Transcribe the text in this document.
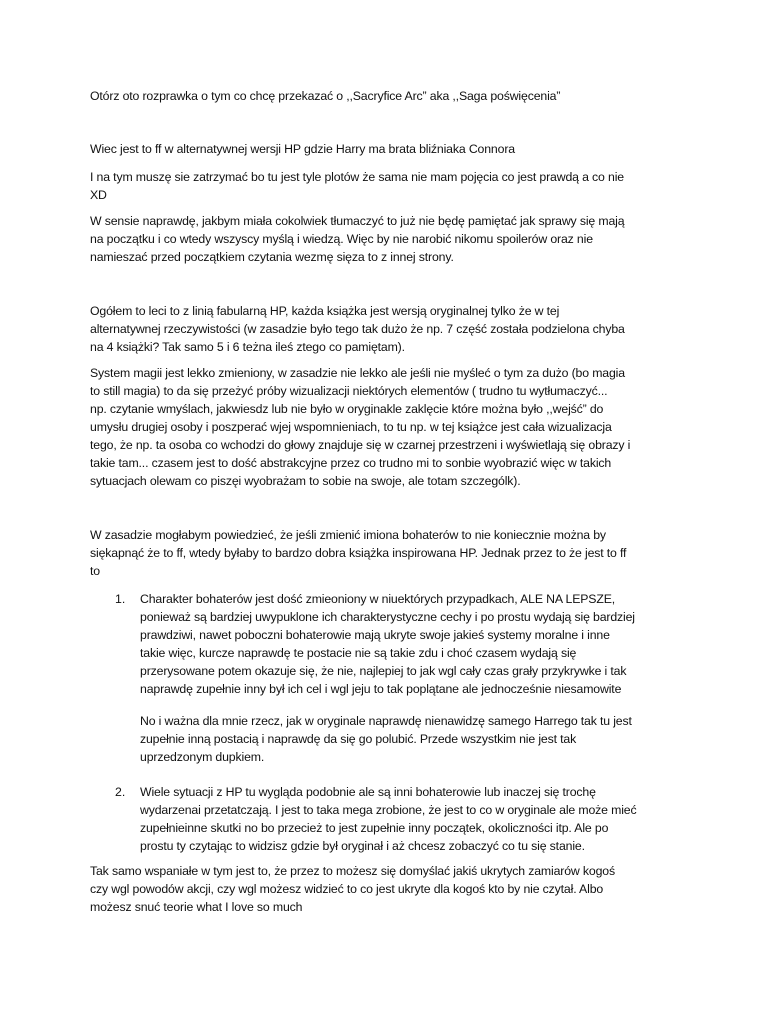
Otórz oto rozprawka o tym co chcę przekazać o ,,Sacryfice Arc” aka ,,Saga poświęcenia”
Wiec jest to ff w alternatywnej wersji HP gdzie Harry ma brata bliźniaka Connora
I na tym muszę sie zatrzymać bo tu jest tyle plotów że sama nie mam pojęcia co jest prawdą a co nie
XD
W sensie naprawdę, jakbym miała cokolwiek tłumaczyć to już nie będę pamiętać jak sprawy się mają
na początku i co wtedy wszyscy myślą i wiedzą. Więc by nie narobić nikomu spoilerów oraz nie
namieszać przed początkiem czytania wezmę sięza to z innej strony.
Ogółem to leci to z linią fabularną HP, każda książka jest wersją oryginalnej tylko że w tej
alternatywnej rzeczywistości (w zasadzie było tego tak dużo że np. 7 część została podzielona chyba
na 4 książki? Tak samo 5 i 6 teżna ileś ztego co pamiętam).
System magii jest lekko zmieniony, w zasadzie nie lekko ale jeśli nie myśleć o tym za dużo (bo magia
to still magia) to da się przeżyć próby wizualizacji niektórych elementów ( trudno tu wytłumaczyć...
np. czytanie wmyślach, jakwiesdz lub nie było w oryginakle zaklęcie które można było ,,wejść” do
umysłu drugiej osoby i poszperać wjej wspomnieniach, to tu np. w tej książce jest cała wizualizacja
tego, że np. ta osoba co wchodzi do głowy znajduje się w czarnej przestrzeni i wyświetlają się obrazy i
takie tam... czasem jest to dość abstrakcyjne przez co trudno mi to sonbie wyobrazić więc w takich
sytuacjach olewam co piszęi wyobrażam to sobie na swoje, ale totam szczególk).
W zasadzie mogłabym powiedzieć, że jeśli zmienić imiona bohaterów to nie koniecznie można by
siękapnąć że to ff, wtedy byłaby to bardzo dobra książka inspirowana HP. Jednak przez to że jest to ff
to
1. Charakter bohaterów jest dość zmieoniony w niuektórych przypadkach, ALE NA LEPSZE,
ponieważ są bardziej uwypuklone ich charakterystyczne cechy i po prostu wydają się bardziej
prawdziwi, nawet poboczni bohaterowie mają ukryte swoje jakieś systemy moralne i inne
takie więc, kurcze naprawdę te postacie nie są takie zdu i choć czasem wydają się
przerysowane potem okazuje się, że nie, najlepiej to jak wgl cały czas grały przykrywke i tak
naprawdę zupełnie inny był ich cel i wgl jeju to tak poplątane ale jednocześnie niesamowite
No i ważna dla mnie rzecz, jak w oryginale naprawdę nienawidzę samego Harrego tak tu jest
zupełnie inną postacią i naprawdę da się go polubić. Przede wszystkim nie jest tak
uprzedzonym dupkiem.
2. Wiele sytuacji z HP tu wygląda podobnie ale są inni bohaterowie lub inaczej się trochę
wydarzenai przetatczają. I jest to taka mega zrobione, że jest to co w oryginale ale może mieć
zupełnieinne skutki no bo przecież to jest zupełnie inny początek, okoliczności itp. Ale po
prostu ty czytając to widzisz gdzie był oryginał i aż chcesz zobaczyć co tu się stanie.
Tak samo wspaniałe w tym jest to, że przez to możesz się domyślać jakiś ukrytych zamiarów kogoś
czy wgl powodów akcji, czy wgl możesz widzieć to co jest ukryte dla kogoś kto by nie czytał. Albo
możesz snuć teorie what I love so much
